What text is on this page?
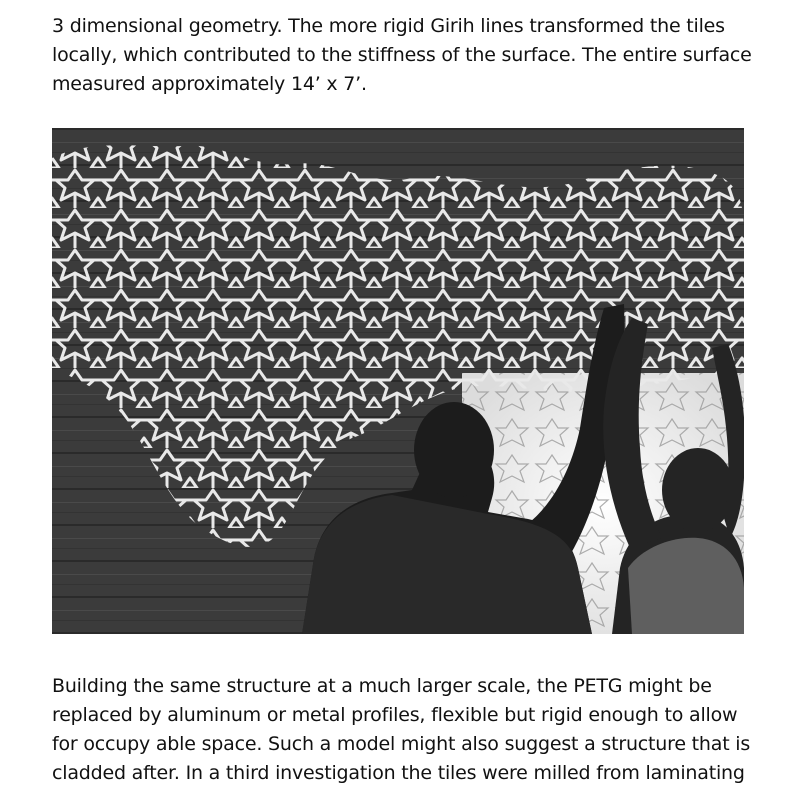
3 dimensional geometry. The more rigid Girih lines transformed the tiles
locally, which contributed to the stiffness of the surface. The entire surface
measured approximately 14’ x 7’.

Building the same structure at a much larger scale, the PETG might be
replaced by aluminum or metal profiles, flexible but rigid enough to allow
for occupy able space. Such a model might also suggest a structure that is
cladded after. In a third investigation the tiles were milled from laminating
